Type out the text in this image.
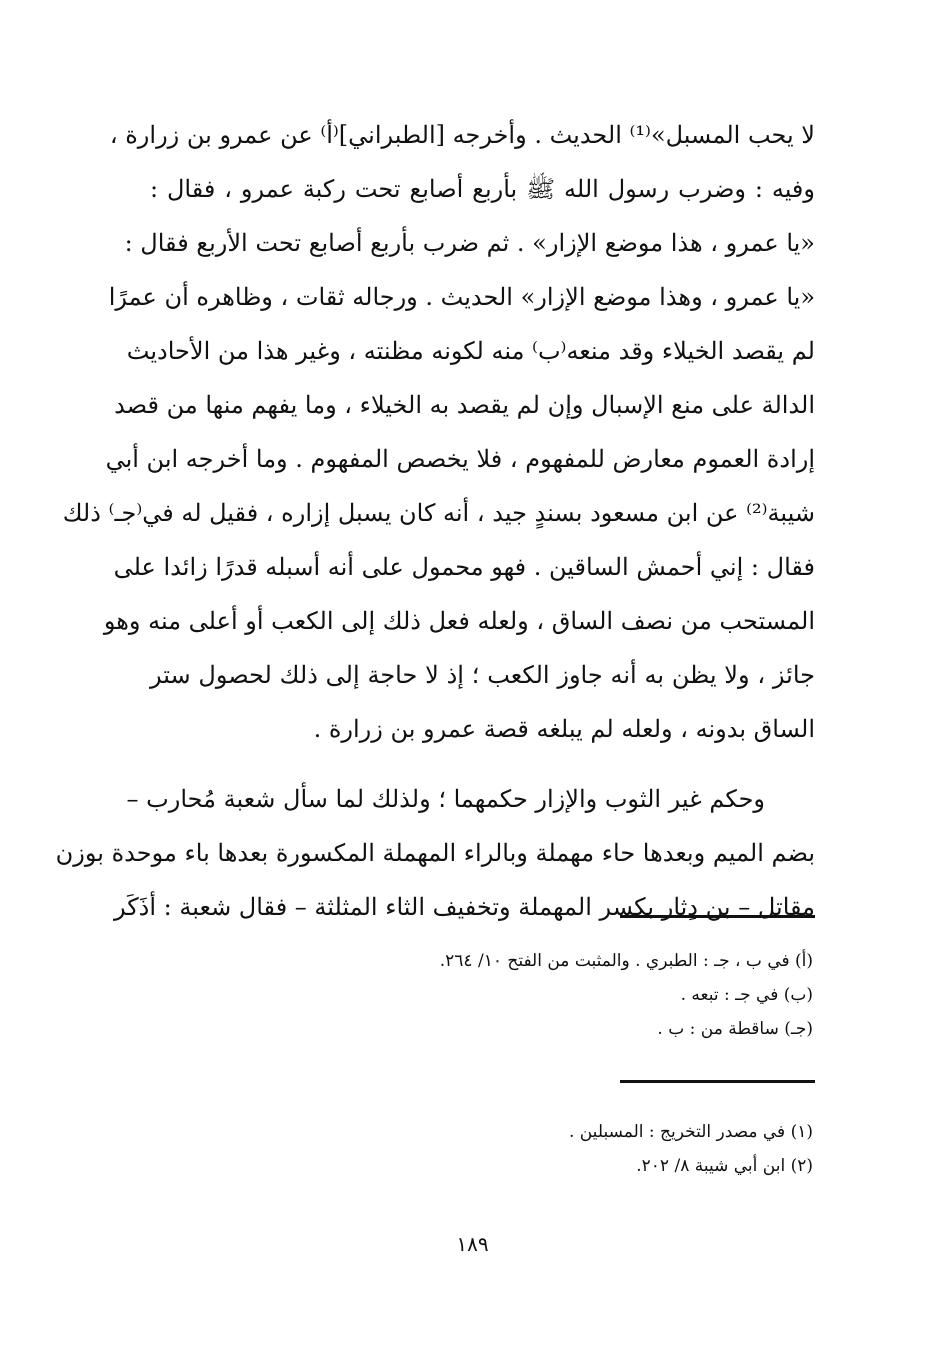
لا يحب المسبل»⁽¹⁾ الحديث . وأخرجه [الطبراني]⁽أ⁾ عن عمرو بن زرارة ،
وفيه : وضرب رسول الله ﷺ بأربع أصابع تحت ركبة عمرو ، فقال :
«يا عمرو ، هذا موضع الإزار» . ثم ضرب بأربع أصابع تحت الأربع فقال :
«يا عمرو ، وهذا موضع الإزار» الحديث . ورجاله ثقات ، وظاهره أن عمرًا
لم يقصد الخيلاء وقد منعه⁽ب⁾ منه لكونه مظنته ، وغير هذا من الأحاديث
الدالة على منع الإسبال وإن لم يقصد به الخيلاء ، وما يفهم منها من قصد
إرادة العموم معارض للمفهوم ، فلا يخصص المفهوم . وما أخرجه ابن أبي
شيبة⁽²⁾ عن ابن مسعود بسندٍ جيد ، أنه كان يسبل إزاره ، فقيل له في⁽جـ⁾ ذلك
فقال : إني أحمش الساقين . فهو محمول على أنه أسبله قدرًا زائدا على
المستحب من نصف الساق ، ولعله فعل ذلك إلى الكعب أو أعلى منه وهو
جائز ، ولا يظن به أنه جاوز الكعب ؛ إذ لا حاجة إلى ذلك لحصول ستر
الساق بدونه ، ولعله لم يبلغه قصة عمرو بن زرارة .
وحكم غير الثوب والإزار حكمهما ؛ ولذلك لما سأل شعبة مُحارب –
بضم الميم وبعدها حاء مهملة وبالراء المهملة المكسورة بعدها باء موحدة بوزن
مقاتل – بن دِثار بكسر المهملة وتخفيف الثاء المثلثة – فقال شعبة : أذَكَر
(أ) في ب ، جـ : الطبري . والمثبت من الفتح ١٠/ ٢٦٤.
(ب) في جـ : تبعه .
(جـ) ساقطة من : ب .
(١) في مصدر التخريج : المسبلين .
(٢) ابن أبي شيبة ٨/ ٢٠٢.
١٨٩
